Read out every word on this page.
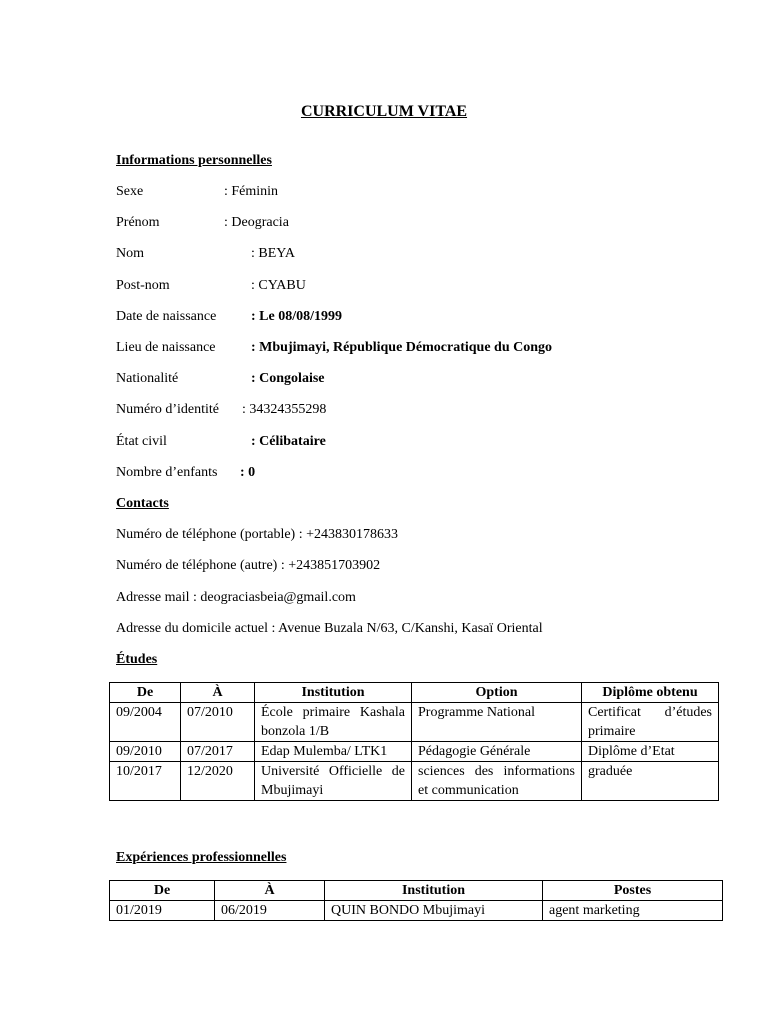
CURRICULUM VITAE
Informations personnelles
Sexe	: Féminin
Prénom	: Deogracia
Nom	: BEYA
Post-nom	: CYABU
Date de naissance : Le 08/08/1999
Lieu de naissance	: Mbujimayi, République Démocratique du Congo
Nationalité	: Congolaise
Numéro d’identité : 34324355298
État civil	: Célibataire
Nombre d’enfants : 0
Contacts
Numéro de téléphone (portable) : +243830178633
Numéro de téléphone (autre) : +243851703902
Adresse mail : deograciasbeia@gmail.com
Adresse du domicile actuel : Avenue Buzala N/63, C/Kanshi, Kasaï Oriental
Études
De	À	Institution	Option	Diplôme obtenu
09/2004	07/2010	École primaire Kashala bonzola 1/B	Programme National	Certificat d’études primaire
09/2010	07/2017	Edap Mulemba/ LTK1	Pédagogie Générale	Diplôme d’Etat
10/2017	12/2020	Université Officielle de Mbujimayi	sciences des informations et communication	graduée
Expériences professionnelles
De	À	Institution	Postes
01/2019	06/2019	QUIN BONDO Mbujimayi	agent marketing
